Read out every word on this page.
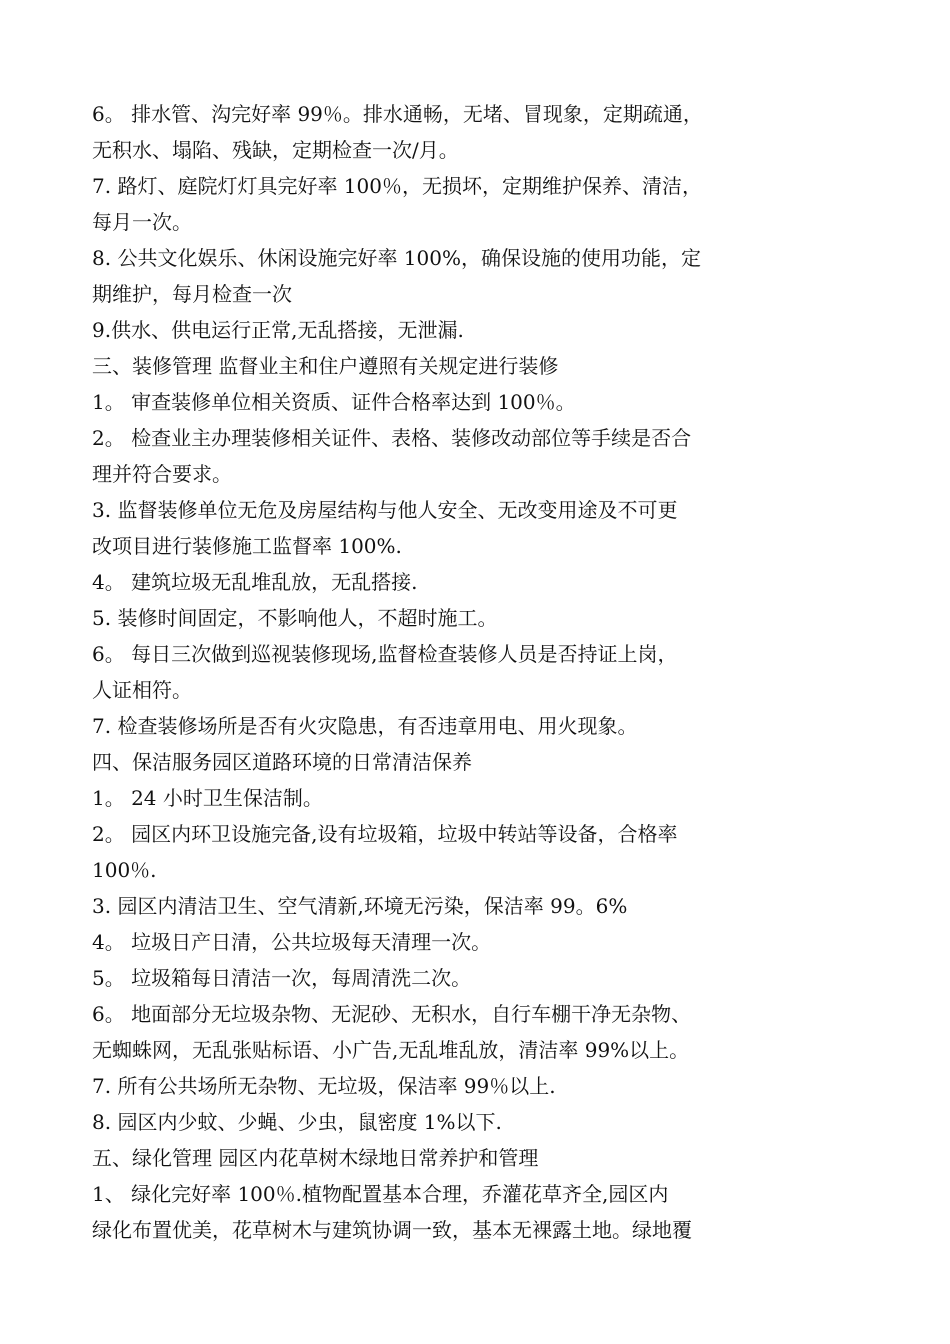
6。 排水管、沟完好率 99％。排水通畅，无堵、冒现象，定期疏通，
无积水、塌陷、残缺，定期检查一次/月。
7. 路灯、庭院灯灯具完好率 100％，无损坏，定期维护保养、清洁，
每月一次。
8. 公共文化娱乐、休闲设施完好率 100%，确保设施的使用功能，定
期维护，每月检查一次
9.供水、供电运行正常,无乱搭接，无泄漏.
三、装修管理 监督业主和住户遵照有关规定进行装修
1。 审查装修单位相关资质、证件合格率达到 100％。
2。 检查业主办理装修相关证件、表格、装修改动部位等手续是否合
理并符合要求。
3. 监督装修单位无危及房屋结构与他人安全、无改变用途及不可更
改项目进行装修施工监督率 100%.
4。 建筑垃圾无乱堆乱放，无乱搭接.
5. 装修时间固定，不影响他人，不超时施工。
6。 每日三次做到巡视装修现场,监督检查装修人员是否持证上岗，
人证相符。
7. 检查装修场所是否有火灾隐患，有否违章用电、用火现象。
四、保洁服务园区道路环境的日常清洁保养
1。 24 小时卫生保洁制。
2。 园区内环卫设施完备,设有垃圾箱，垃圾中转站等设备，合格率
100％.
3. 园区内清洁卫生、空气清新,环境无污染，保洁率 99。6%
4。 垃圾日产日清，公共垃圾每天清理一次。
5。 垃圾箱每日清洁一次，每周清洗二次。
6。 地面部分无垃圾杂物、无泥砂、无积水，自行车棚干净无杂物、
无蜘蛛网，无乱张贴标语、小广告,无乱堆乱放，清洁率 99%以上。
7. 所有公共场所无杂物、无垃圾，保洁率 99％以上.
8. 园区内少蚊、少蝇、少虫，鼠密度 1%以下.
五、绿化管理 园区内花草树木绿地日常养护和管理
1、 绿化完好率 100％.植物配置基本合理，乔灌花草齐全,园区内
绿化布置优美，花草树木与建筑协调一致，基本无裸露土地。绿地覆
